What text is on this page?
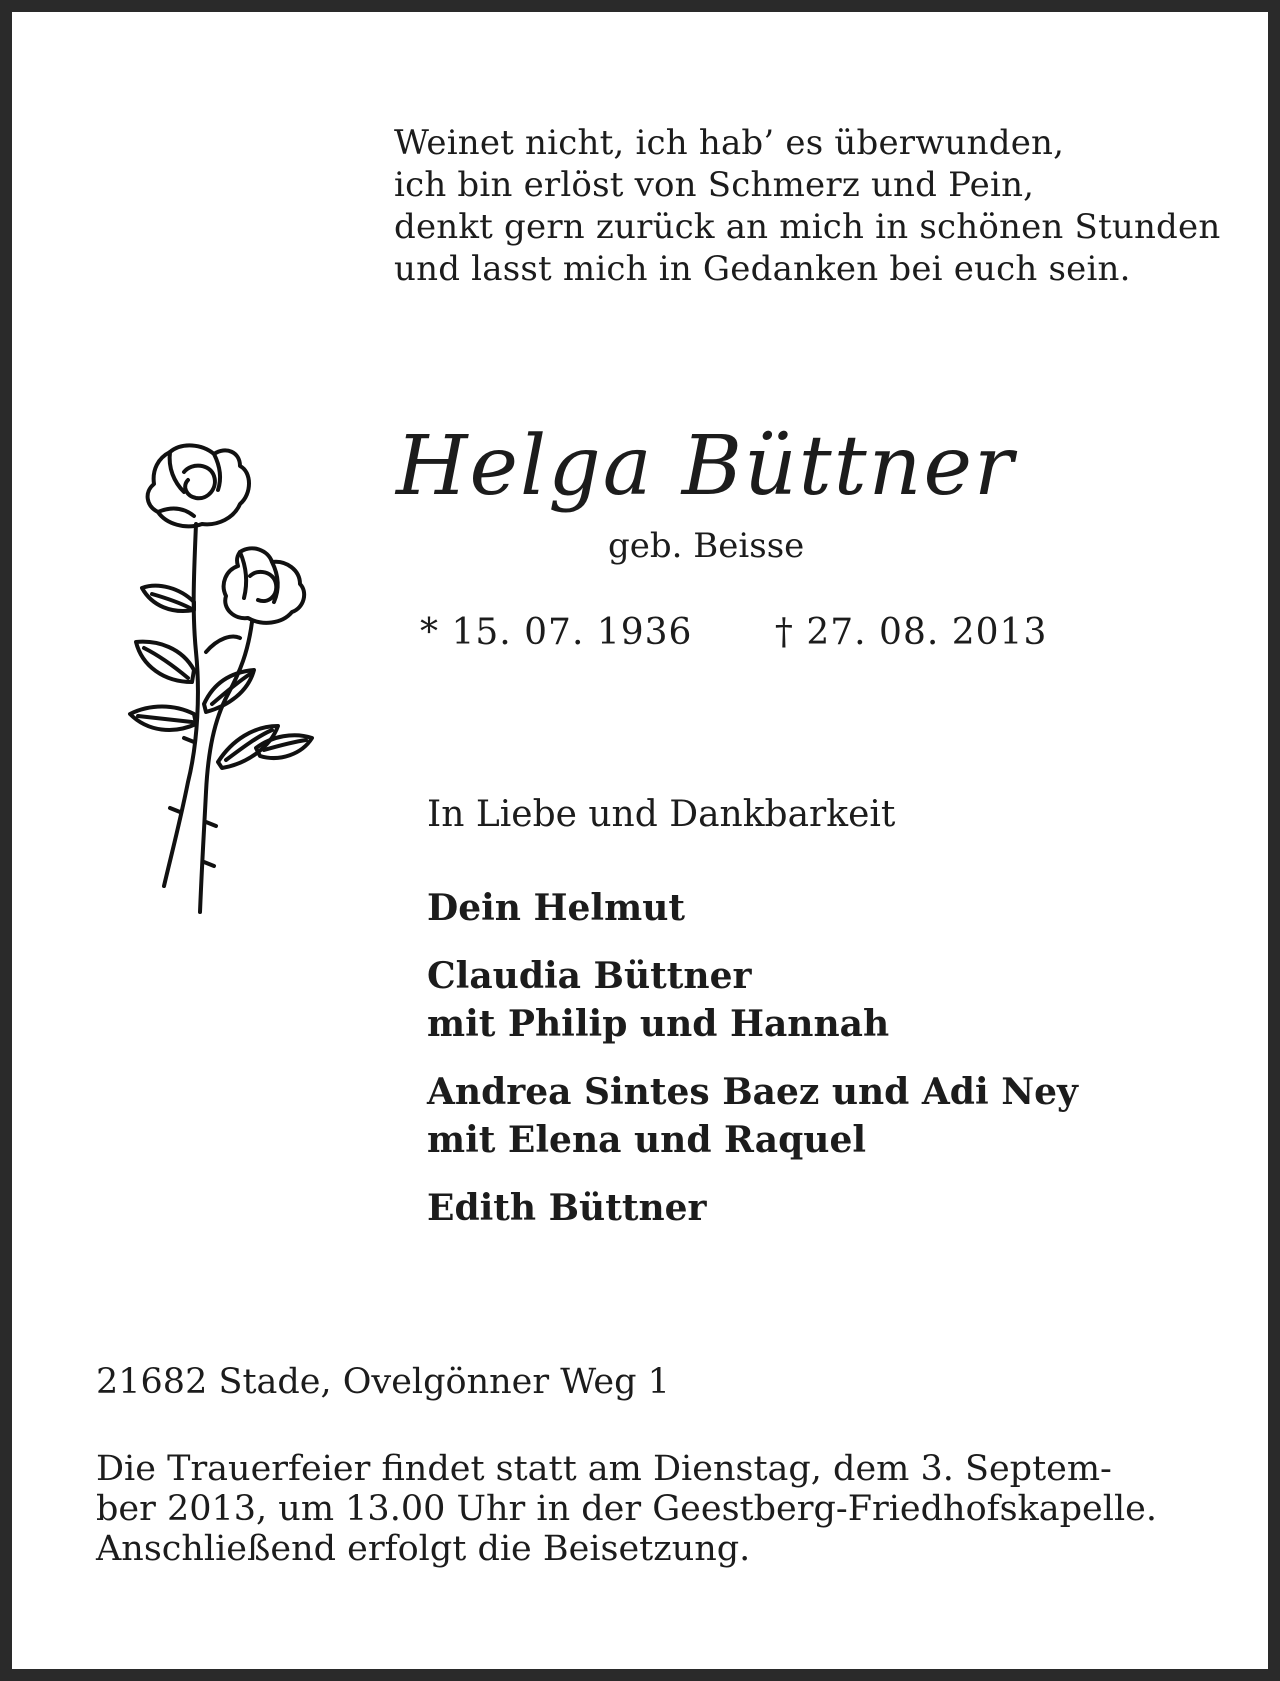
Weinet nicht, ich hab’ es überwunden,
ich bin erlöst von Schmerz und Pein,
denkt gern zurück an mich in schönen Stunden
und lasst mich in Gedanken bei euch sein.
Helga Büttner
geb. Beisse
* 15. 07. 1936 † 27. 08. 2013
In Liebe und Dankbarkeit
Dein Helmut
Claudia Büttner
mit Philip und Hannah
Andrea Sintes Baez und Adi Ney
mit Elena und Raquel
Edith Büttner
21682 Stade, Ovelgönner Weg 1
Die Trauerfeier findet statt am Dienstag, dem 3. Septem-
ber 2013, um 13.00 Uhr in der Geestberg-Friedhofskapelle.
Anschließend erfolgt die Beisetzung.
